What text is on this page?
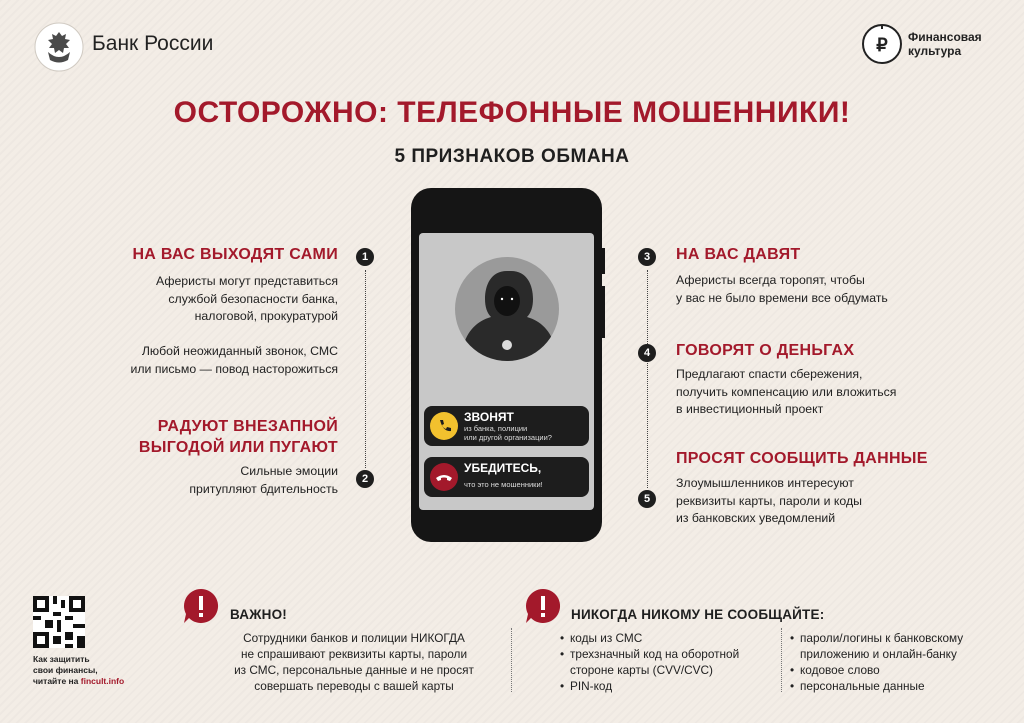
Банк России	₽ Финансовая
культура
ОСТОРОЖНО: ТЕЛЕФОННЫЕ МОШЕННИКИ!
5 ПРИЗНАКОВ ОБМАНА
НА ВАС ВЫХОДЯТ САМИ	1
Аферисты могут представиться
службой безопасности банка,
налоговой, прокуратурой
Любой неожиданный звонок, СМС
или письмо — повод насторожиться
РАДУЮТ ВНЕЗАПНОЙ
ВЫГОДОЙ ИЛИ ПУГАЮТ
Сильные эмоции
притупляют бдительность
2
ЗВОНЯТ
из банка, полиции
или другой организации?
УБЕДИТЕСЬ,
что это не мошенники!
3	НА ВАС ДАВЯТ
Аферисты всегда торопят, чтобы
у вас не было времени все обдумать
4	ГОВОРЯТ О ДЕНЬГАХ
Предлагают спасти сбережения,
получить компенсацию или вложиться
в инвестиционный проект
ПРОСЯТ СООБЩИТЬ ДАННЫЕ
Злоумышленников интересуют
реквизиты карты, пароли и коды
из банковских уведомлений
5
Как защитить
свои финансы,
читайте на fincult.info
ВАЖНО!
Сотрудники банков и полиции НИКОГДА
не спрашивают реквизиты карты, пароли
из СМС, персональные данные и не просят
совершать переводы с вашей карты
НИКОГДА НИКОМУ НЕ СООБЩАЙТЕ:
• коды из СМС
• трехзначный код на оборотной стороне карты (CVV/CVC)
• PIN-код
• пароли/логины к банковскому приложению и онлайн-банку
• кодовое слово
• персональные данные
